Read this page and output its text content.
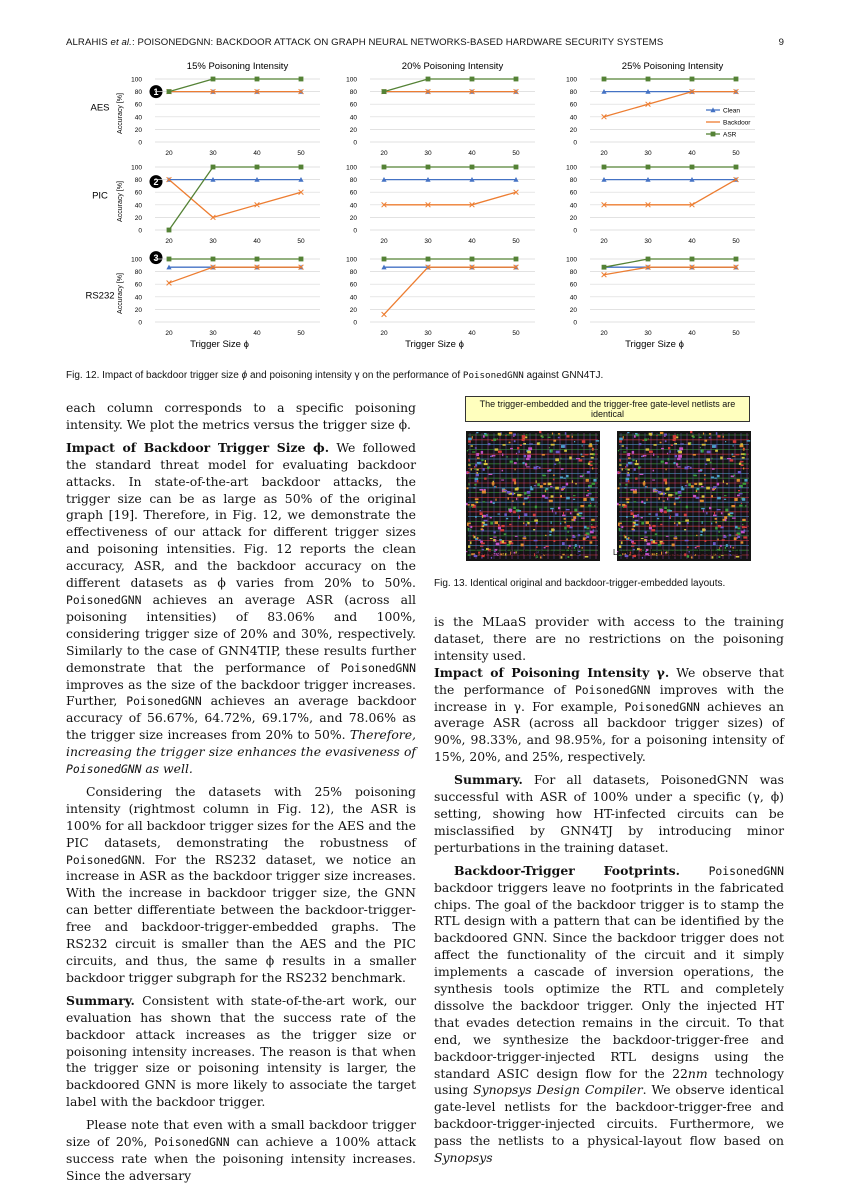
ALRAHIS et al.: POISONEDGNN: BACKDOOR ATTACK ON GRAPH NEURAL NETWORKS-BASED HARDWARE SECURITY SYSTEMS	9
15% Poisoning Intensity	20% Poisoning Intensity	25% Poisoning Intensity
AES Accuracy [%]
1
0
20
40
60
80
100
20	30	40	50
0
20
40
60
80
100
20	30	40	50
0
20
40
60
80
100
20	30	40	50
PIC Accuracy [%]	2
0
20
40
60
80
100
20	30	40	50
0
20
40
60
80
100
20	30	40	50
0
20
40
60
80
100
20	30	40	50
RS232 Accuracy [%]
3
0
20
40
60
80
100
20	30	40	50
0
20
40
60
80
100
20	30	40	50
0
20
40
60
80
100
20	30	40	50
Trigger Size ϕ	Trigger Size ϕ	Trigger Size ϕ
Clean
Backdoor
ASR
Fig. 12. Impact of backdoor trigger size ϕ and poisoning intensity γ on the performance of PoisonedGNN against GNN4TJ.
The trigger-embedded and the trigger-free gate-level netlists are identical
Layout of the trigger-free RTL	Layout of the trigger-embedded RTL
Fig. 13. Identical original and backdoor-trigger-embedded layouts.

each column corresponds to a specific poisoning intensity. We plot the metrics versus the trigger size ϕ.

Impact of Backdoor Trigger Size ϕ. We followed the standard threat model for evaluating backdoor attacks. In state-of-the-art backdoor attacks, the trigger size can be as large as 50% of the original graph [19]. Therefore, in Fig. 12, we demonstrate the effectiveness of our attack for different trigger sizes and poisoning intensities. Fig. 12 reports the clean accuracy, ASR, and the backdoor accuracy on the different datasets as ϕ varies from 20% to 50%. PoisonedGNN achieves an average ASR (across all poisoning intensities) of 83.06% and 100%, considering trigger size of 20% and 30%, respectively. Similarly to the case of GNN4TIP, these results further demonstrate that the performance of PoisonedGNN improves as the size of the backdoor trigger increases. Further, PoisonedGNN achieves an average backdoor accuracy of 56.67%, 64.72%, 69.17%, and 78.06% as the trigger size increases from 20% to 50%. Therefore, increasing the trigger size enhances the evasiveness of PoisonedGNN as well.

Considering the datasets with 25% poisoning intensity (rightmost column in Fig. 12), the ASR is 100% for all backdoor trigger sizes for the AES and the PIC datasets, demonstrating the robustness of PoisonedGNN. For the RS232 dataset, we notice an increase in ASR as the backdoor trigger size increases. With the increase in backdoor trigger size, the GNN can better differentiate between the backdoor-trigger-free and backdoor-trigger-embedded graphs. The RS232 circuit is smaller than the AES and the PIC circuits, and thus, the same ϕ results in a smaller backdoor trigger subgraph for the RS232 benchmark.

Summary. Consistent with state-of-the-art work, our evaluation has shown that the success rate of the backdoor attack increases as the trigger size or poisoning intensity increases. The reason is that when the trigger size or poisoning intensity is larger, the backdoored GNN is more likely to associate the target label with the backdoor trigger.

Please note that even with a small backdoor trigger size of 20%, PoisonedGNN can achieve a 100% attack success rate when the poisoning intensity increases. Since the adversary

is the MLaaS provider with access to the training dataset, there are no restrictions on the poisoning intensity used.

Impact of Poisoning Intensity γ. We observe that the performance of PoisonedGNN improves with the increase in γ. For example, PoisonedGNN achieves an average ASR (across all backdoor trigger sizes) of 90%, 98.33%, and 98.95%, for a poisoning intensity of 15%, 20%, and 25%, respectively.

Summary. For all datasets, PoisonedGNN was successful with ASR of 100% under a specific (γ, ϕ) setting, showing how HT-infected circuits can be misclassified by GNN4TJ by introducing minor perturbations in the training dataset.

Backdoor-Trigger Footprints.	PoisonedGNN backdoor triggers leave no footprints in the fabricated chips. The goal of the backdoor trigger is to stamp the RTL design with a pattern that can be identified by the backdoored GNN. Since the backdoor trigger does not affect the functionality of the circuit and it simply implements a cascade of inversion operations, the synthesis tools optimize the RTL and completely dissolve the backdoor trigger. Only the injected HT that evades detection remains in the circuit. To that end, we synthesize the backdoor-trigger-free and backdoor-trigger-injected RTL designs using the standard ASIC design flow for the 22nm technology using Synopsys Design Compiler. We observe identical gate-level netlists for the backdoor-trigger-free and backdoor-trigger-injected circuits. Furthermore, we pass the netlists to a physical-layout flow based on Synopsys
